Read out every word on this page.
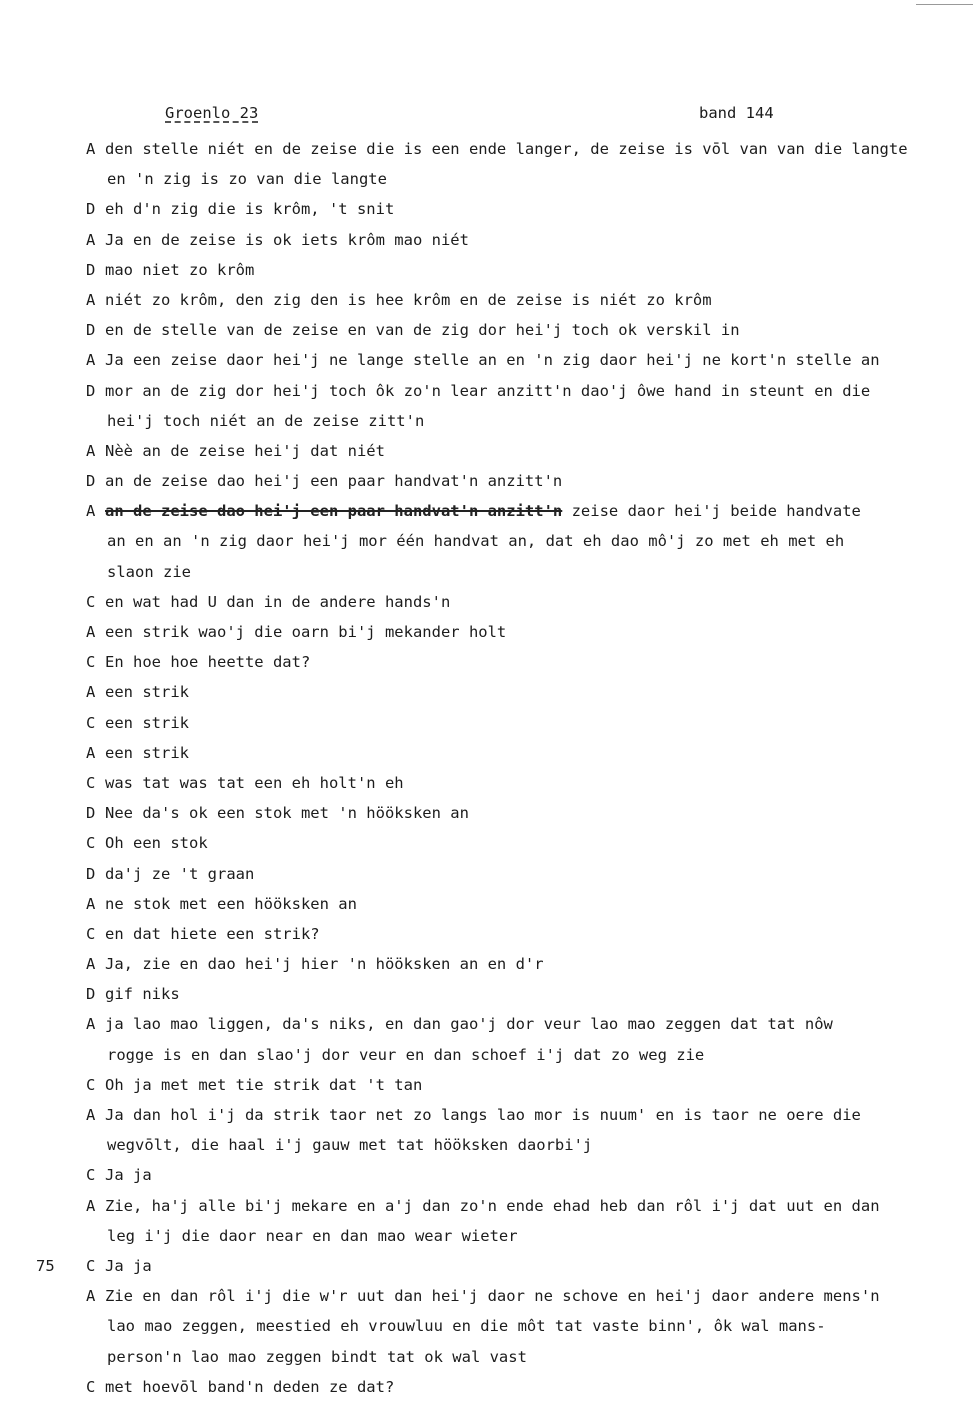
Groenlo 23	band 144
A den stelle niét en de zeise die is een ende langer, de zeise is vōl van van die langte
en 'n zig is zo van die langte
D eh d'n zig die is krôm, 't snit
A Ja en de zeise is ok iets krôm mao niét
D mao niet zo krôm
A niét zo krôm, den zig den is hee krôm en de zeise is niét zo krôm
D en de stelle van de zeise en van de zig dor hei'j toch ok verskil in
A Ja een zeise daor hei'j ne lange stelle an en 'n zig daor hei'j ne kort'n stelle an
D mor an de zig dor hei'j toch ôk zo'n lear anzitt'n dao'j ôwe hand in steunt en die
hei'j toch niét an de zeise zitt'n
A Nèè an de zeise hei'j dat niét
D an de zeise dao hei'j een paar handvat'n anzitt'n
A an de zeise dao hei'j een paar handvat'n anzitt'n zeise daor hei'j beide handvate
an en an 'n zig daor hei'j mor één handvat an, dat eh dao mô'j zo met eh met eh
slaon zie
C en wat had U dan in de andere hands'n
A een strik wao'j die oarn bi'j mekander holt
C En hoe hoe heette dat?
A een strik
C een strik
A een strik
C was tat was tat een eh holt'n eh
D Nee da's ok een stok met 'n hööksken an
C Oh een stok
D da'j ze 't graan
A ne stok met een hööksken an
C en dat hiete een strik?
A Ja, zie en dao hei'j hier 'n hööksken an en d'r
D gif niks
A ja lao mao liggen, da's niks, en dan gao'j dor veur lao mao zeggen dat tat nôw
rogge is en dan slao'j dor veur en dan schoef i'j dat zo weg zie
C Oh ja met met tie strik dat 't tan
A Ja dan hol i'j da strik taor net zo langs lao mor is nuum' en is taor ne oere die
wegvōlt, die haal i'j gauw met tat hööksken daorbi'j
C Ja ja
A Zie, ha'j alle bi'j mekare en a'j dan zo'n ende ehad heb dan rôl i'j dat uut en dan
leg i'j die daor near en dan mao wear wieter
75 C Ja ja
A Zie en dan rôl i'j die w'r uut dan hei'j daor ne schove en hei'j daor andere mens'n
lao mao zeggen, meestied eh vrouwluu en die môt tat vaste binn', ôk wal mans-
person'n lao mao zeggen bindt tat ok wal vast
C met hoevōl band'n deden ze dat?
